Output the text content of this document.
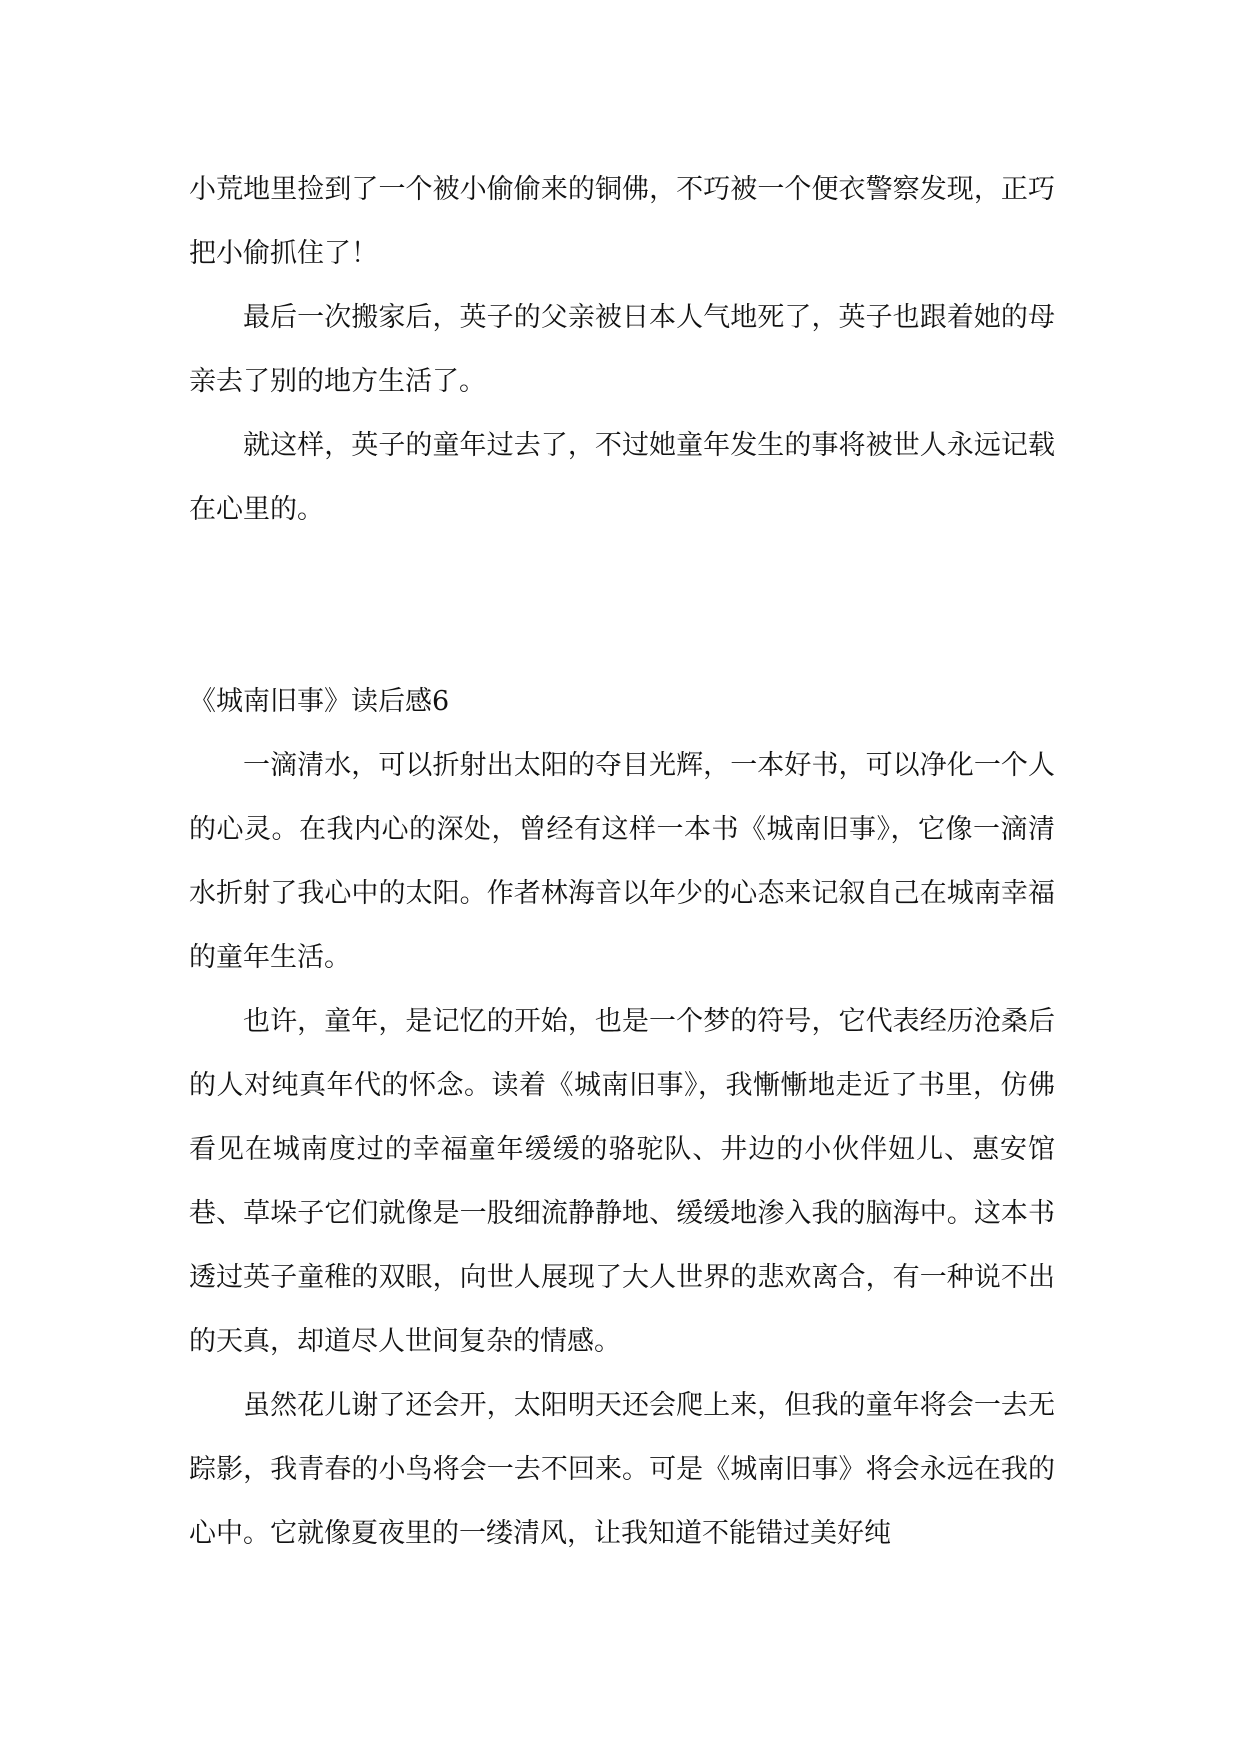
小荒地里捡到了一个被小偷偷来的铜佛，不巧被一个便衣警察发现，正巧把小偷抓住了！

最后一次搬家后，英子的父亲被日本人气地死了，英子也跟着她的母亲去了别的地方生活了。

就这样，英子的童年过去了，不过她童年发生的事将被世人永远记载在心里的。

《城南旧事》读后感6

一滴清水，可以折射出太阳的夺目光辉，一本好书，可以净化一个人的心灵。在我内心的深处，曾经有这样一本书《城南旧事》，它像一滴清水折射了我心中的太阳。作者林海音以年少的心态来记叙自己在城南幸福的童年生活。

也许，童年，是记忆的开始，也是一个梦的符号，它代表经历沧桑后的人对纯真年代的怀念。读着《城南旧事》，我慚慚地走近了书里，仿佛看见在城南度过的幸福童年缓缓的骆驼队、井边的小伙伴妞儿、惠安馆巷、草垛子它们就像是一股细流静静地、缓缓地渗入我的脑海中。这本书透过英子童稚的双眼，向世人展现了大人世界的悲欢离合，有一种说不出的天真，却道尽人世间复杂的情感。

虽然花儿谢了还会开，太阳明天还会爬上来，但我的童年将会一去无踪影，我青春的小鸟将会一去不回来。可是《城南旧事》将会永远在我的心中。它就像夏夜里的一缕清风，让我知道不能错过美好纯
